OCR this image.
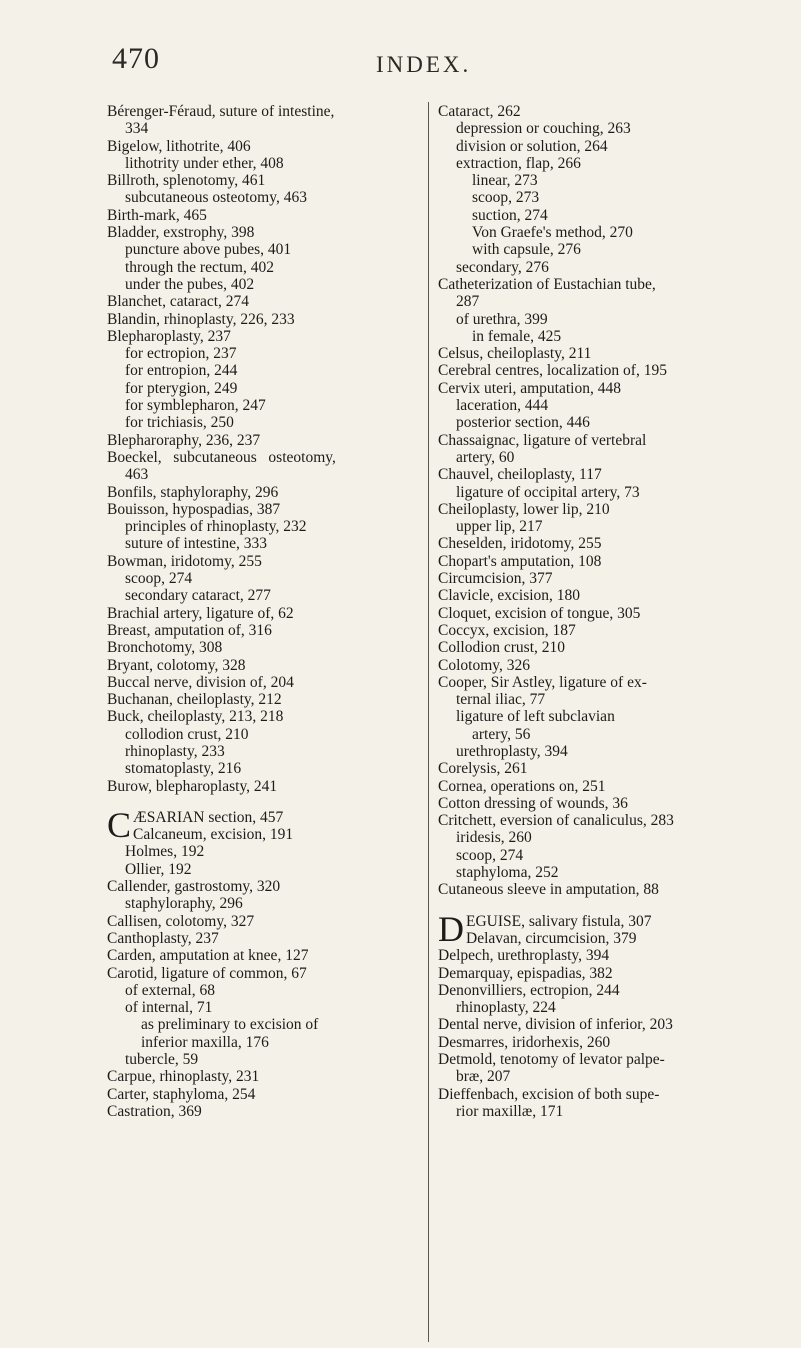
470	INDEX.
Bérenger-Féraud, suture of intestine,
334
Bigelow, lithotrite, 406
lithotrity under ether, 408
Billroth, splenotomy, 461
subcutaneous osteotomy, 463
Birth-mark, 465
Bladder, exstrophy, 398
puncture above pubes, 401
through the rectum, 402
under the pubes, 402
Blanchet, cataract, 274
Blandin, rhinoplasty, 226, 233
Blepharoplasty, 237
for ectropion, 237
for entropion, 244
for pterygion, 249
for symblepharon, 247
for trichiasis, 250
Blepharoraphy, 236, 237
Boeckel,   subcutaneous   osteotomy,
463
Bonfils, staphyloraphy, 296
Bouisson, hypospadias, 387
principles of rhinoplasty, 232
suture of intestine, 333
Bowman, iridotomy, 255
scoop, 274
secondary cataract, 277
Brachial artery, ligature of, 62
Breast, amputation of, 316
Bronchotomy, 308
Bryant, colotomy, 328
Buccal nerve, division of, 204
Buchanan, cheiloplasty, 212
Buck, cheiloplasty, 213, 218
collodion crust, 210
rhinoplasty, 233
stomatoplasty, 216
Burow, blepharoplasty, 241
CÆSARIAN section, 457
Calcaneum, excision, 191
Holmes, 192
Ollier, 192
Callender, gastrostomy, 320
staphyloraphy, 296
Callisen, colotomy, 327
Canthoplasty, 237
Carden, amputation at knee, 127
Carotid, ligature of common, 67
of external, 68
of internal, 71
as preliminary to excision of
inferior maxilla, 176
tubercle, 59
Carpue, rhinoplasty, 231
Carter, staphyloma, 254
Castration, 369
Cataract, 262
depression or couching, 263
division or solution, 264
extraction, flap, 266
linear, 273
scoop, 273
suction, 274
Von Graefe's method, 270
with capsule, 276
secondary, 276
Catheterization of Eustachian tube,
287
of urethra, 399
in female, 425
Celsus, cheiloplasty, 211
Cerebral centres, localization of, 195
Cervix uteri, amputation, 448
laceration, 444
posterior section, 446
Chassaignac, ligature of vertebral
artery, 60
Chauvel, cheiloplasty, 117
ligature of occipital artery, 73
Cheiloplasty, lower lip, 210
upper lip, 217
Cheselden, iridotomy, 255
Chopart's amputation, 108
Circumcision, 377
Clavicle, excision, 180
Cloquet, excision of tongue, 305
Coccyx, excision, 187
Collodion crust, 210
Colotomy, 326
Cooper, Sir Astley, ligature of ex-
ternal iliac, 77
ligature of left subclavian
artery, 56
urethroplasty, 394
Corelysis, 261
Cornea, operations on, 251
Cotton dressing of wounds, 36
Critchett, eversion of canaliculus, 283
iridesis, 260
scoop, 274
staphyloma, 252
Cutaneous sleeve in amputation, 88
DEGUISE, salivary fistula, 307
Delavan, circumcision, 379
Delpech, urethroplasty, 394
Demarquay, epispadias, 382
Denonvilliers, ectropion, 244
rhinoplasty, 224
Dental nerve, division of inferior, 203
Desmarres, iridorhexis, 260
Detmold, tenotomy of levator palpe-
bræ, 207
Dieffenbach, excision of both supe-
rior maxillæ, 171
